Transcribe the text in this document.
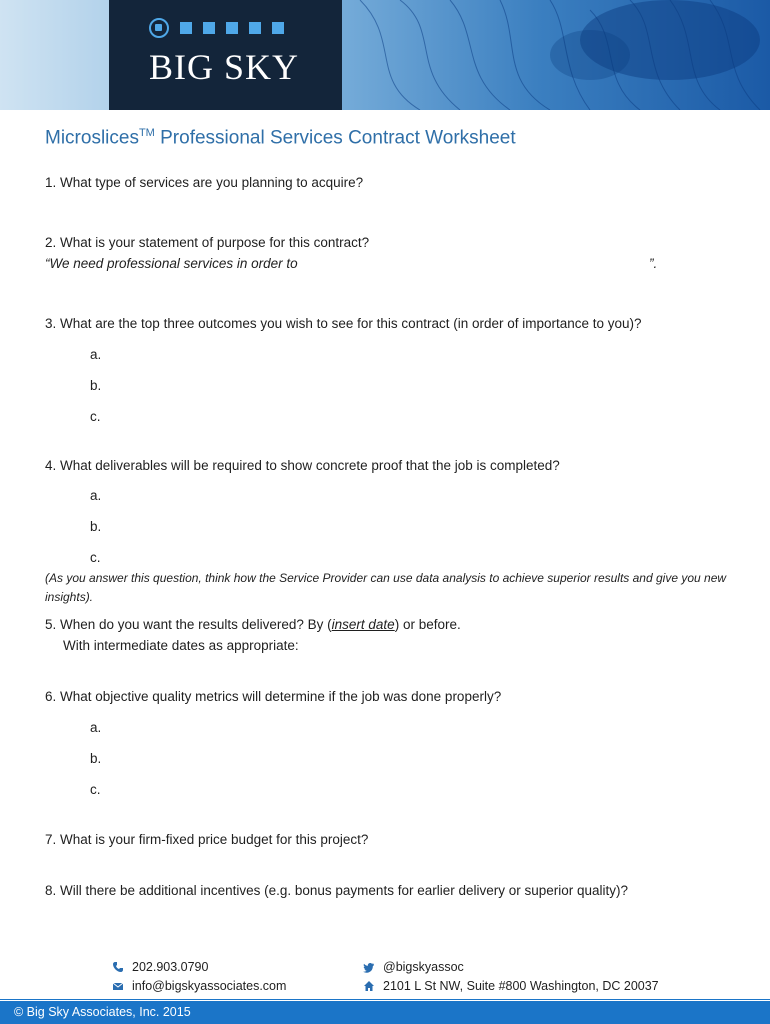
BIG SKY
Microslices™ Professional Services Contract Worksheet
1. What type of services are you planning to acquire?
2. What is your statement of purpose for this contract?
“We need professional services in order to	”.
3. What are the top three outcomes you wish to see for this contract (in order of importance to you)?
a.
b.
c.
4. What deliverables will be required to show concrete proof that the job is completed?
a.
b.
c.
(As you answer this question, think how the Service Provider can use data analysis to achieve superior results and give you new insights).
5. When do you want the results delivered? By (insert date) or before.
With intermediate dates as appropriate:
6. What objective quality metrics will determine if the job was done properly?
a.
b.
c.
7. What is your firm-fixed price budget for this project?
8. Will there be additional incentives (e.g. bonus payments for earlier delivery or superior quality)?
202.903.0790
info@bigskyassociates.com
@bigskyassoc
2101 L St NW, Suite #800 Washington, DC 20037
© Big Sky Associates, Inc. 2015
